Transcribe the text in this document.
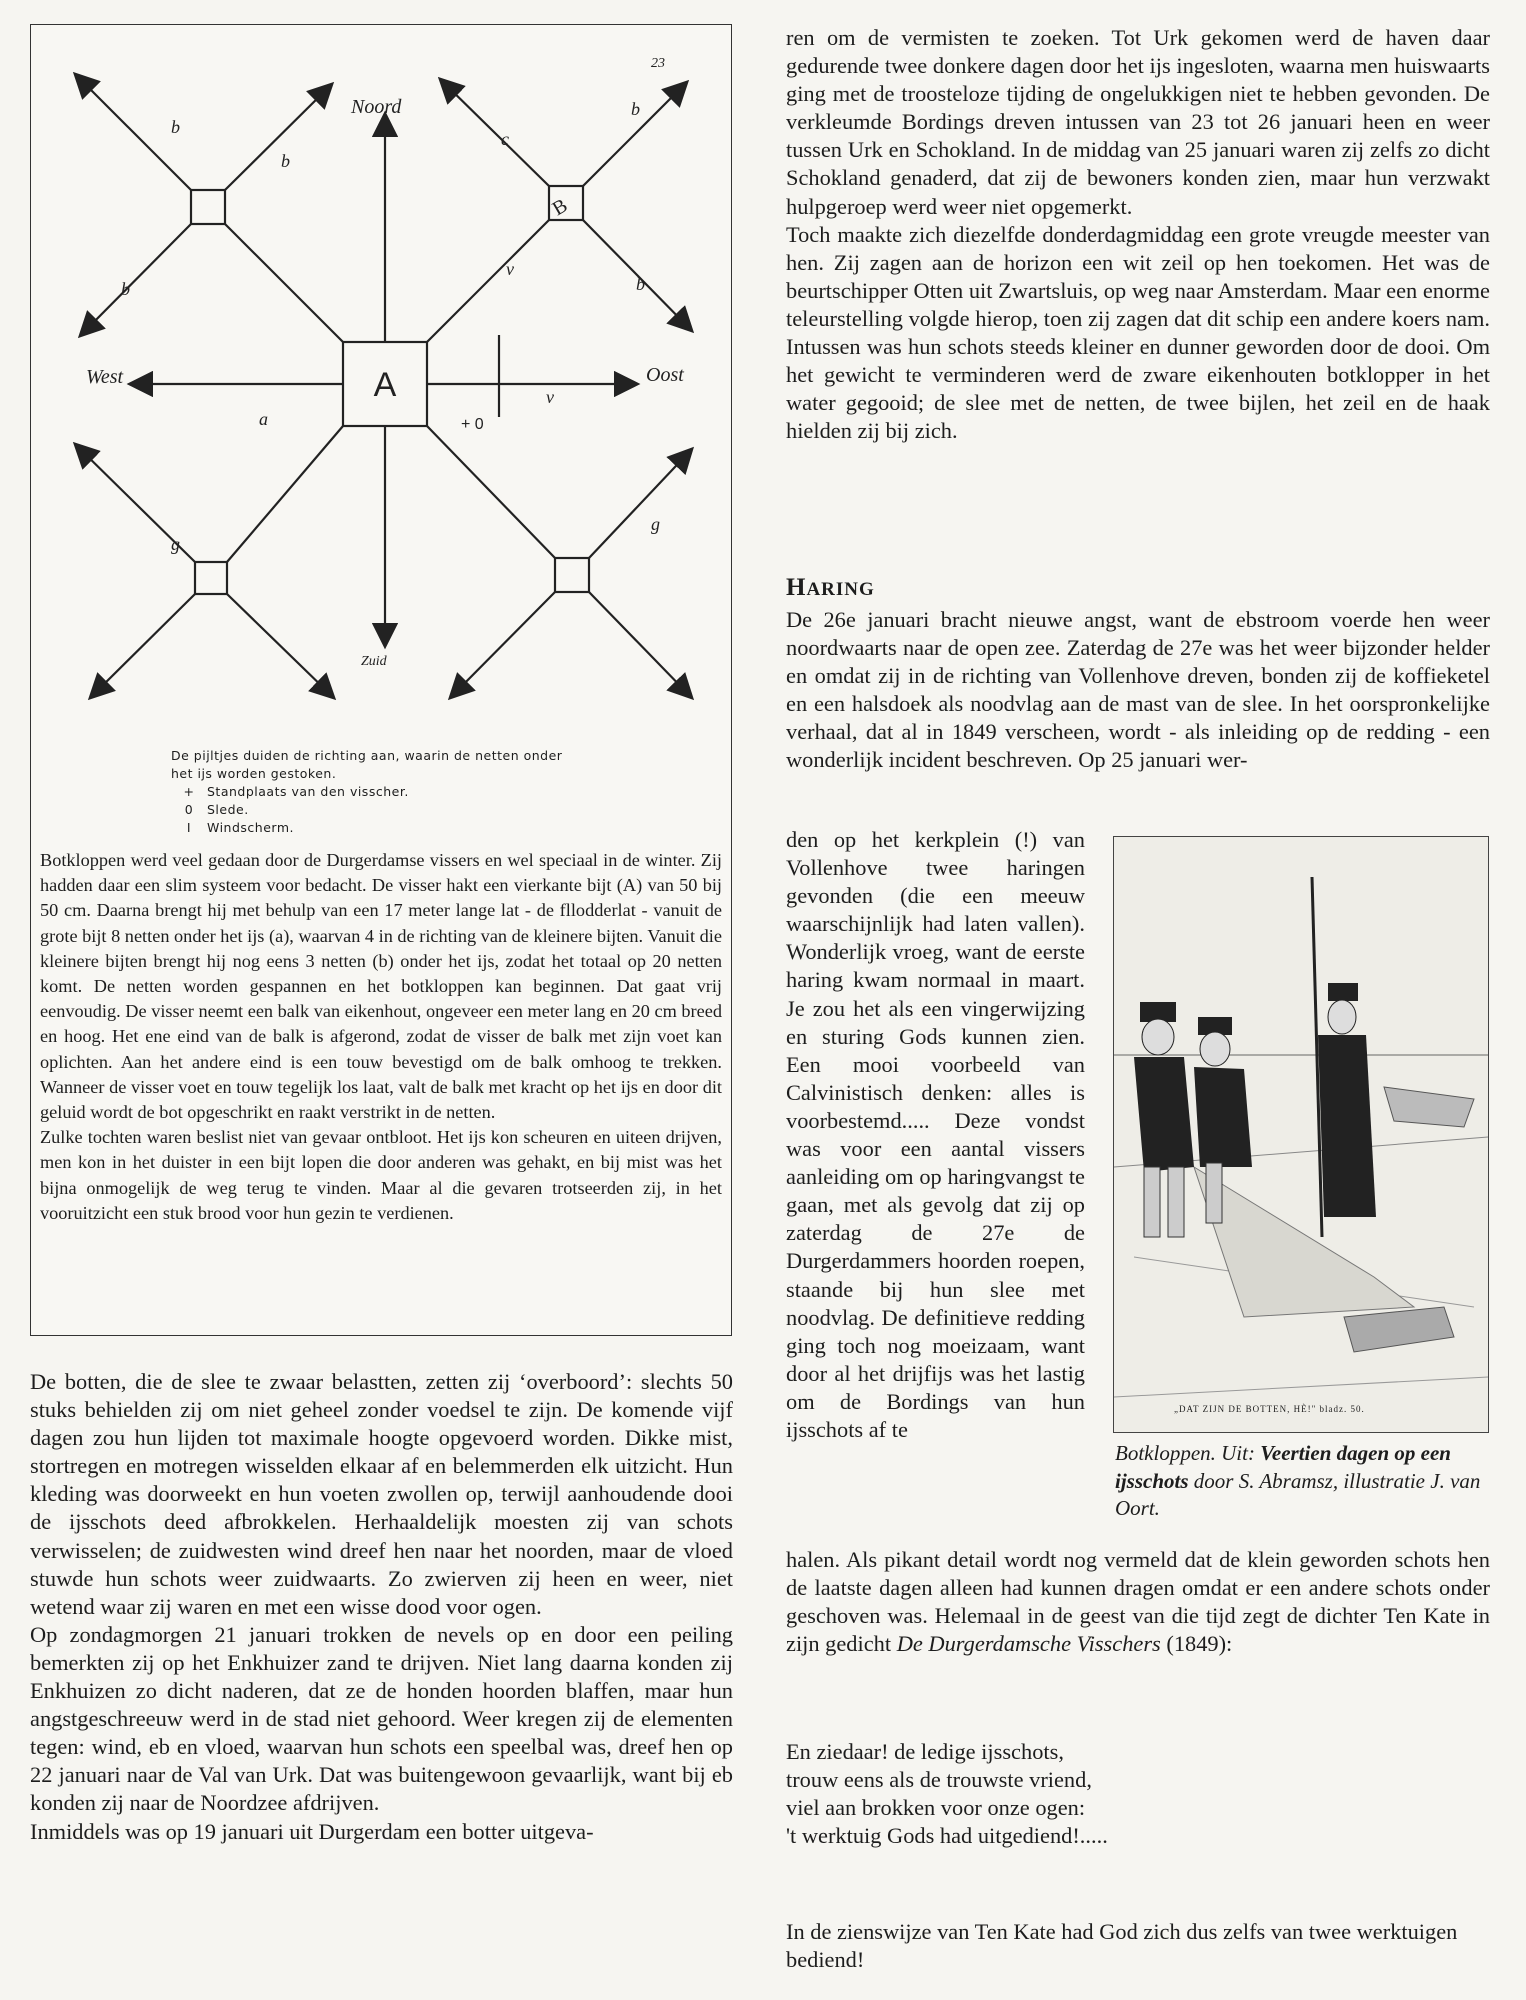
Noord
West	Oost
Zuid
b
b
b
c
b
b
a
g
g
v
v
23
A
B
+ 0
De pijltjes duiden de richting aan, waarin de netten onder
het ijs worden gestoken.
+	Standplaats van den visscher.
0	Slede.
I	Windscherm.

Botkloppen werd veel gedaan door de Durgerdamse vissers en wel speciaal in de winter. Zij hadden daar een slim systeem voor bedacht. De visser hakt een vierkante bijt (A) van 50 bij 50 cm. Daarna brengt hij met behulp van een 17 meter lange lat - de fllodderlat - vanuit de grote bijt 8 netten onder het ijs (a), waarvan 4 in de richting van de kleinere bijten. Vanuit die kleinere bijten brengt hij nog eens 3 netten (b) onder het ijs, zodat het totaal op 20 netten komt. De netten worden gespannen en het botkloppen kan beginnen. Dat gaat vrij eenvoudig. De visser neemt een balk van eikenhout, ongeveer een meter lang en 20 cm breed en hoog. Het ene eind van de balk is afgerond, zodat de visser de balk met zijn voet kan oplichten. Aan het andere eind is een touw bevestigd om de balk omhoog te trekken. Wanneer de visser voet en touw tegelijk los laat, valt de balk met kracht op het ijs en door dit geluid wordt de bot opgeschrikt en raakt verstrikt in de netten.

Zulke tochten waren beslist niet van gevaar ontbloot. Het ijs kon scheuren en uiteen drijven, men kon in het duister in een bijt lopen die door anderen was gehakt, en bij mist was het bijna onmogelijk de weg terug te vinden. Maar al die gevaren trotseerden zij, in het vooruitzicht een stuk brood voor hun gezin te verdienen.

De botten, die de slee te zwaar belastten, zetten zij ‘overboord’: slechts 50 stuks behielden zij om niet geheel zonder voedsel te zijn. De komende vijf dagen zou hun lijden tot maximale hoogte opgevoerd worden. Dikke mist, stortregen en motregen wisselden elkaar af en belemmerden elk uitzicht. Hun kleding was doorweekt en hun voeten zwollen op, terwijl aanhoudende dooi de ijsschots deed afbrokkelen. Herhaaldelijk moesten zij van schots verwisselen; de zuidwesten wind dreef hen naar het noorden, maar de vloed stuwde hun schots weer zuidwaarts. Zo zwierven zij heen en weer, niet wetend waar zij waren en met een wisse dood voor ogen.

Op zondagmorgen 21 januari trokken de nevels op en door een peiling bemerkten zij op het Enkhuizer zand te drijven. Niet lang daarna konden zij Enkhuizen zo dicht naderen, dat ze de honden hoorden blaffen, maar hun angstgeschreeuw werd in de stad niet gehoord. Weer kregen zij de elementen tegen: wind, eb en vloed, waarvan hun schots een speelbal was, dreef hen op 22 januari naar de Val van Urk. Dat was buitengewoon gevaarlijk, want bij eb konden zij naar de Noordzee afdrijven.

Inmiddels was op 19 januari uit Durgerdam een botter uitgeva-

ren om de vermisten te zoeken. Tot Urk gekomen werd de haven daar gedurende twee donkere dagen door het ijs ingesloten, waarna men huiswaarts ging met de troosteloze tijding de ongelukkigen niet te hebben gevonden. De verkleumde Bordings dreven intussen van 23 tot 26 januari heen en weer tussen Urk en Schokland. In de middag van 25 januari waren zij zelfs zo dicht Schokland genaderd, dat zij de bewoners konden zien, maar hun verzwakt hulpgeroep werd weer niet opgemerkt.

Toch maakte zich diezelfde donderdagmiddag een grote vreugde meester van hen. Zij zagen aan de horizon een wit zeil op hen toekomen. Het was de beurtschipper Otten uit Zwartsluis, op weg naar Amsterdam. Maar een enorme teleurstelling volgde hierop, toen zij zagen dat dit schip een andere koers nam. Intussen was hun schots steeds kleiner en dunner geworden door de dooi. Om het gewicht te verminderen werd de zware eikenhouten botklopper in het water gegooid; de slee met de netten, de twee bijlen, het zeil en de haak hielden zij bij zich.

HARING
De 26e januari bracht nieuwe angst, want de ebstroom voerde hen weer noordwaarts naar de open zee. Zaterdag de 27e was het weer bijzonder helder en omdat zij in de richting van Vollenhove dreven, bonden zij de koffieketel en een halsdoek als noodvlag aan de mast van de slee. In het oorspronkelijke verhaal, dat al in 1849 verscheen, wordt - als inleiding op de redding - een wonderlijk incident beschreven. Op 25 januari wer-
den op het kerkplein (!) van Vollenhove twee haringen gevonden (die een meeuw waarschijnlijk had laten vallen). Wonderlijk vroeg, want de eerste haring kwam normaal in maart. Je zou het als een vingerwijzing en sturing Gods kunnen zien. Een mooi voorbeeld van Calvinistisch denken: alles is voorbestemd..... Deze vondst was voor een aantal vissers aanleiding om op haringvangst te gaan, met als gevolg dat zij op zaterdag de 27e de Durgerdammers hoorden roepen, staande bij hun slee met noodvlag. De definitieve redding ging toch nog moeizaam, want door al het drijfijs was het lastig om de Bordings van hun ijsschots af te
„DAT ZIJN DE BOTTEN, HÈ!" bladz. 50.
Botkloppen. Uit: Veertien dagen op een ijsschots door S. Abramsz, illustratie J. van Oort.
halen. Als pikant detail wordt nog vermeld dat de klein geworden schots hen de laatste dagen alleen had kunnen dragen omdat er een andere schots onder geschoven was. Helemaal in de geest van die tijd zegt de dichter Ten Kate in zijn gedicht De Durgerdamsche Visschers (1849):
En ziedaar! de ledige ijsschots,
trouw eens als de trouwste vriend,
viel aan brokken voor onze ogen:
't werktuig Gods had uitgediend!.....
In de zienswijze van Ten Kate had God zich dus zelfs van twee werktuigen bediend!
